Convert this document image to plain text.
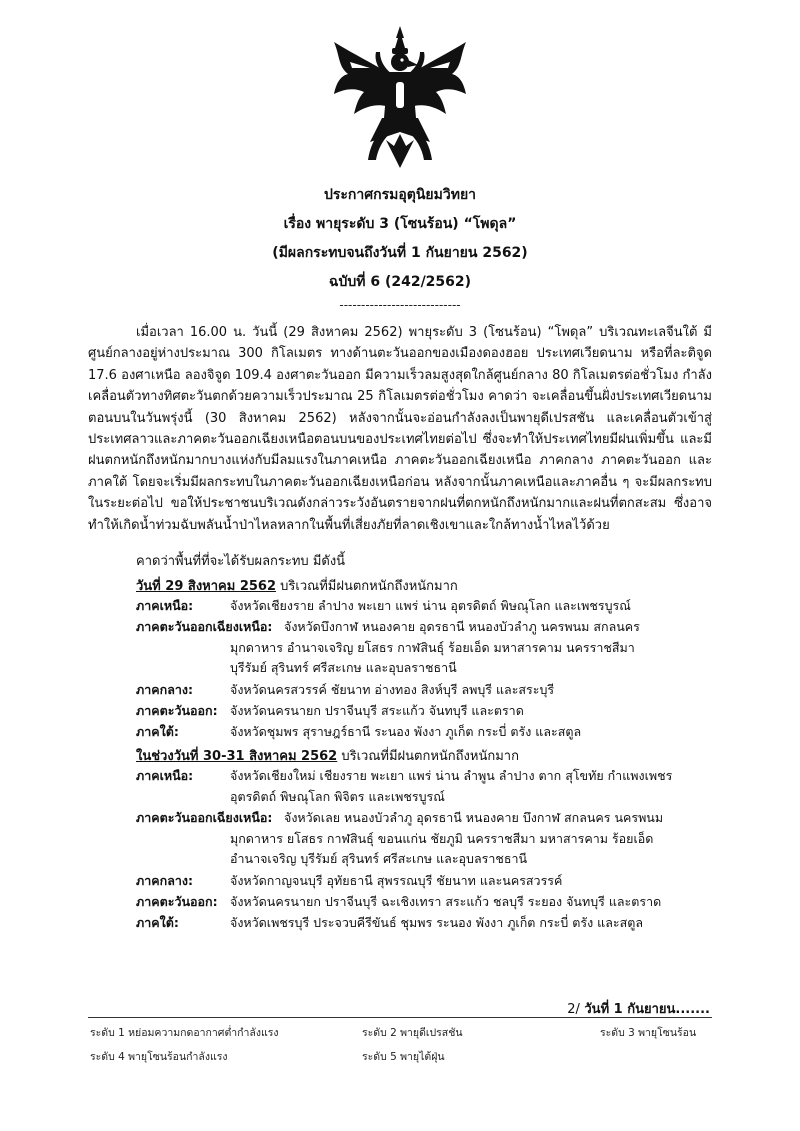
ประกาศกรมอุตุนิยมวิทยา
เรื่อง พายุระดับ 3 (โซนร้อน) “โพดุล”
(มีผลกระทบจนถึงวันที่ 1 กันยายน 2562)
ฉบับที่ 6 (242/2562)
----------------------------
เมื่อเวลา 16.00 น. วันนี้ (29 สิงหาคม 2562) พายุระดับ 3 (โซนร้อน) “โพดุล” บริเวณทะเลจีนใต้ มีศูนย์กลางอยู่ห่างประมาณ 300 กิโลเมตร ทางด้านตะวันออกของเมืองดองฮอย ประเทศเวียดนาม หรือที่ละติจูด 17.6 องศาเหนือ ลองจิจูด 109.4 องศาตะวันออก มีความเร็วลมสูงสุดใกล้ศูนย์กลาง 80 กิโลเมตรต่อชั่วโมง กำลังเคลื่อนตัวทางทิศตะวันตกด้วยความเร็วประมาณ 25 กิโลเมตรต่อชั่วโมง คาดว่า จะเคลื่อนขึ้นฝั่งประเทศเวียดนามตอนบนในวันพรุ่งนี้ (30 สิงหาคม 2562) หลังจากนั้นจะอ่อนกำลังลงเป็นพายุดีเปรสชัน และเคลื่อนตัวเข้าสู่ประเทศลาวและภาคตะวันออกเฉียงเหนือตอนบนของประเทศไทยต่อไป ซึ่งจะทำให้ประเทศไทยมีฝนเพิ่มขึ้น และมีฝนตกหนักถึงหนักมากบางแห่งกับมีลมแรงในภาคเหนือ ภาคตะวันออกเฉียงเหนือ ภาคกลาง ภาคตะวันออก และภาคใต้ โดยจะเริ่มมีผลกระทบในภาคตะวันออกเฉียงเหนือก่อน หลังจากนั้นภาคเหนือและภาคอื่น ๆ จะมีผลกระทบในระยะต่อไป ขอให้ประชาชนบริเวณดังกล่าวระวังอันตรายจากฝนที่ตกหนักถึงหนักมากและฝนที่ตกสะสม ซึ่งอาจทำให้เกิดน้ำท่วมฉับพลันน้ำป่าไหลหลากในพื้นที่เสี่ยงภัยที่ลาดเชิงเขาและใกล้ทางน้ำไหลไว้ด้วย
คาดว่าพื้นที่ที่จะได้รับผลกระทบ มีดังนี้
วันที่ 29 สิงหาคม 2562 บริเวณที่มีฝนตกหนักถึงหนักมาก
ภาคเหนือ:	จังหวัดเชียงราย ลำปาง พะเยา แพร่ น่าน อุตรดิตถ์ พิษณุโลก และเพชรบูรณ์
ภาคตะวันออกเฉียงเหนือ: จังหวัดบึงกาฬ หนองคาย อุดรธานี หนองบัวลำภู นครพนม สกลนคร มุกดาหาร อำนาจเจริญ ยโสธร กาฬสินธุ์ ร้อยเอ็ด มหาสารคาม นครราชสีมา บุรีรัมย์ สุรินทร์ ศรีสะเกษ และอุบลราชธานี
ภาคกลาง:	จังหวัดนครสวรรค์ ชัยนาท อ่างทอง สิงห์บุรี ลพบุรี และสระบุรี
ภาคตะวันออก: จังหวัดนครนายก ปราจีนบุรี สระแก้ว จันทบุรี และตราด
ภาคใต้:	จังหวัดชุมพร สุราษฎร์ธานี ระนอง พังงา ภูเก็ต กระบี่ ตรัง และสตูล
ในช่วงวันที่ 30-31 สิงหาคม 2562 บริเวณที่มีฝนตกหนักถึงหนักมาก
ภาคเหนือ:	จังหวัดเชียงใหม่ เชียงราย พะเยา แพร่ น่าน ลำพูน ลำปาง ตาก สุโขทัย กำแพงเพชร อุตรดิตถ์ พิษณุโลก พิจิตร และเพชรบูรณ์
ภาคตะวันออกเฉียงเหนือ: จังหวัดเลย หนองบัวลำภู อุดรธานี หนองคาย บึงกาฬ สกลนคร นครพนม มุกดาหาร ยโสธร กาฬสินธุ์ ขอนแก่น ชัยภูมิ นครราชสีมา มหาสารคาม ร้อยเอ็ด อำนาจเจริญ บุรีรัมย์ สุรินทร์ ศรีสะเกษ และอุบลราชธานี
ภาคกลาง:	จังหวัดกาญจนบุรี อุทัยธานี สุพรรณบุรี ชัยนาท และนครสวรรค์
ภาคตะวันออก: จังหวัดนครนายก ปราจีนบุรี ฉะเชิงเทรา สระแก้ว ชลบุรี ระยอง จันทบุรี และตราด
ภาคใต้:	จังหวัดเพชรบุรี ประจวบคีรีขันธ์ ชุมพร ระนอง พังงา ภูเก็ต กระบี่ ตรัง และสตูล
2/ วันที่ 1 กันยายน.......
ระดับ 1 หย่อมความกดอากาศต่ำกำลังแรง	ระดับ 2 พายุดีเปรสชัน	ระดับ 3 พายุโซนร้อน
ระดับ 4 พายุโซนร้อนกำลังแรง	ระดับ 5 พายุไต้ฝุ่น
